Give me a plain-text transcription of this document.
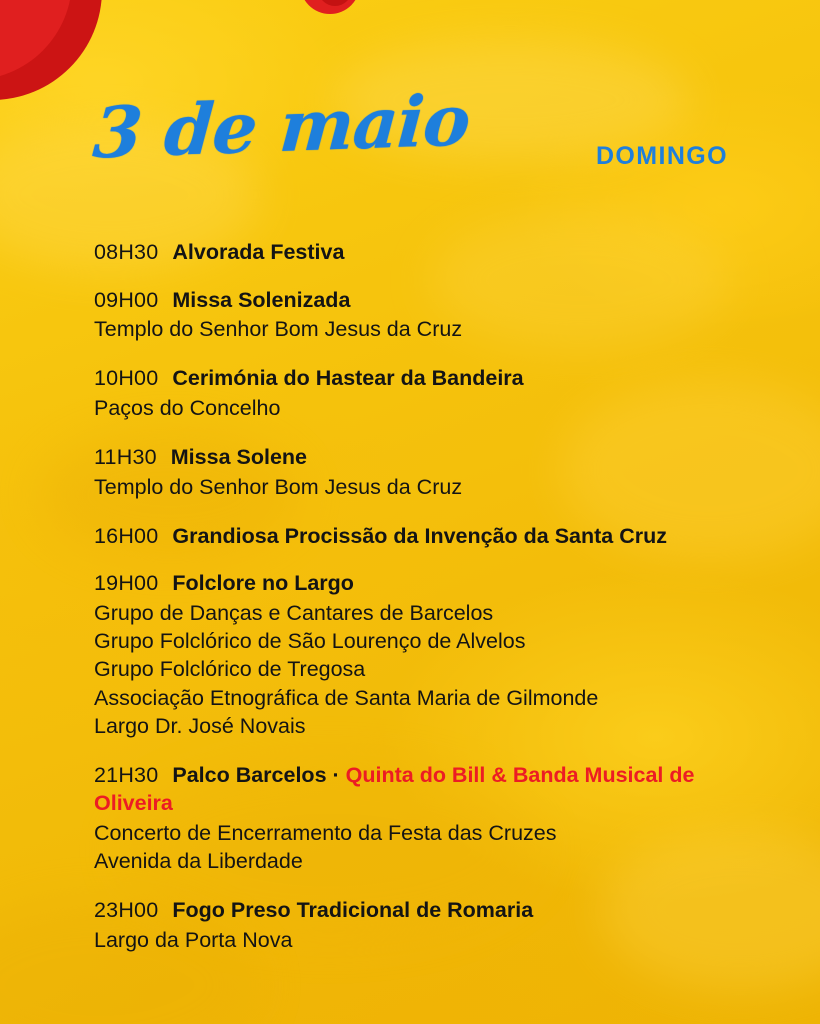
3 de maio	DOMINGO
08H30 Alvorada Festiva
09H00 Missa Solenizada
Templo do Senhor Bom Jesus da Cruz
10H00 Cerimónia do Hastear da Bandeira
Paços do Concelho
11H30 Missa Solene
Templo do Senhor Bom Jesus da Cruz
16H00 Grandiosa Procissão da Invenção da Santa Cruz
19H00 Folclore no Largo
Grupo de Danças e Cantares de Barcelos
Grupo Folclórico de São Lourenço de Alvelos
Grupo Folclórico de Tregosa
Associação Etnográfica de Santa Maria de Gilmonde
Largo Dr. José Novais
21H30 Palco Barcelos · Quinta do Bill & Banda Musical de Oliveira
Concerto de Encerramento da Festa das Cruzes
Avenida da Liberdade
23H00 Fogo Preso Tradicional de Romaria
Largo da Porta Nova
